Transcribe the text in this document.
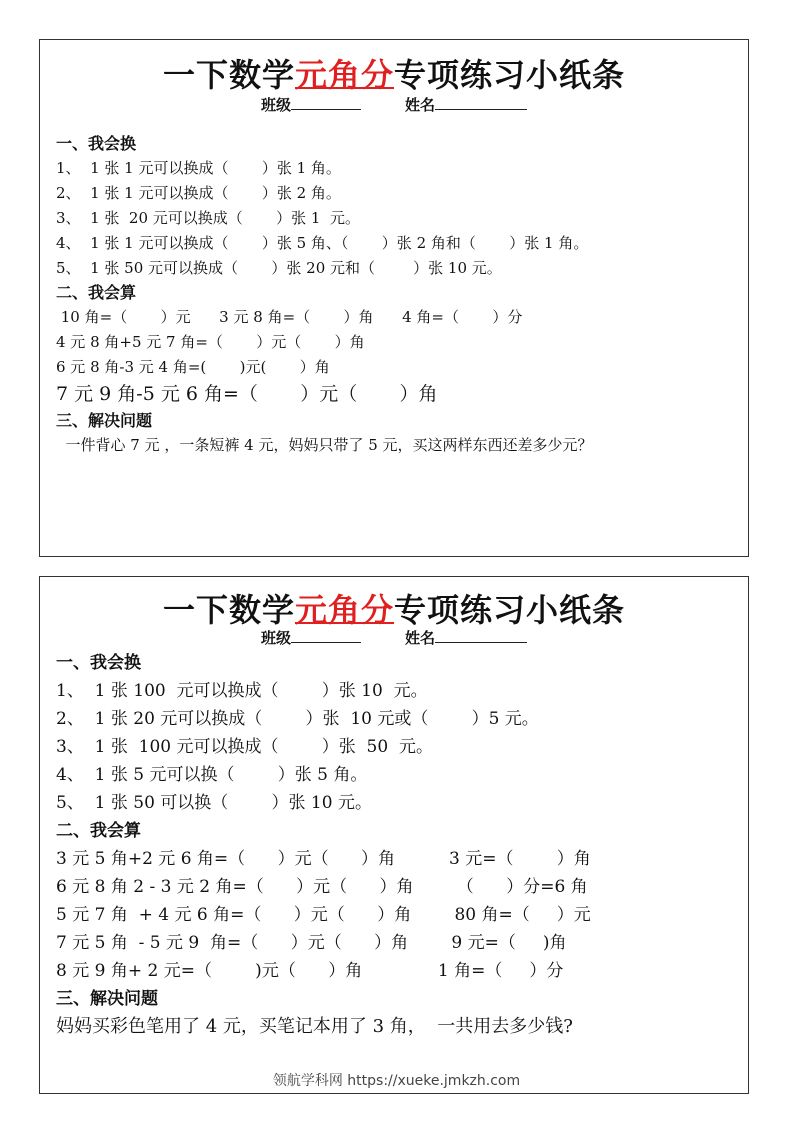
一下数学元角分专项练习小纸条
班级	姓名
一、我会换
1、  1 张 1 元可以换成（       ）张 1 角。
2、  1 张 1 元可以换成（       ）张 2 角。
3、  1 张  20 元可以换成（       ）张 1  元。
4、  1 张 1 元可以换成（       ）张 5 角、（       ）张 2 角和（       ）张 1 角。
5、  1 张 50 元可以换成（       ）张 20 元和（        ）张 10 元。
二、我会算
10 角=（       ）元      3 元 8 角=（       ）角      4 角=（       ）分
4 元 8 角+5 元 7 角=（       ）元（       ）角
6 元 8 角-3 元 4 角=(       )元(       ）角
7 元 9 角-5 元 6 角=（       ）元（       ）角
三、解决问题
一件背心 7 元 ，一条短裤 4 元，妈妈只带了 5 元，买这两样东西还差多少元？
一下数学元角分专项练习小纸条
班级	姓名
一、我会换
1、  1 张 100  元可以换成（        ）张 10  元。
2、  1 张 20 元可以换成（        ）张  10 元或（        ）5 元。
3、  1 张  100 元可以换成（        ）张  50  元。
4、  1 张 5 元可以换（        ）张 5 角。
5、  1 张 50 可以换（        ）张 10 元。
二、我会算
3 元 5 角+2 元 6 角=（      ）元（      ）角          3 元=（        ）角
6 元 8 角 2 - 3 元 2 角=（      ）元（      ）角        （      ）分=6 角
5 元 7 角  + 4 元 6 角=（      ）元（      ）角        80 角=（     ）元
7 元 5 角  - 5 元 9  角=（      ）元（      ）角        9 元=（     )角
8 元 9 角+ 2 元=（        )元（      ）角              1 角=（     ）分
三、解决问题
妈妈买彩色笔用了 4 元，买笔记本用了 3 角，  一共用去多少钱?
领航学科网 https://xueke.jmkzh.com
